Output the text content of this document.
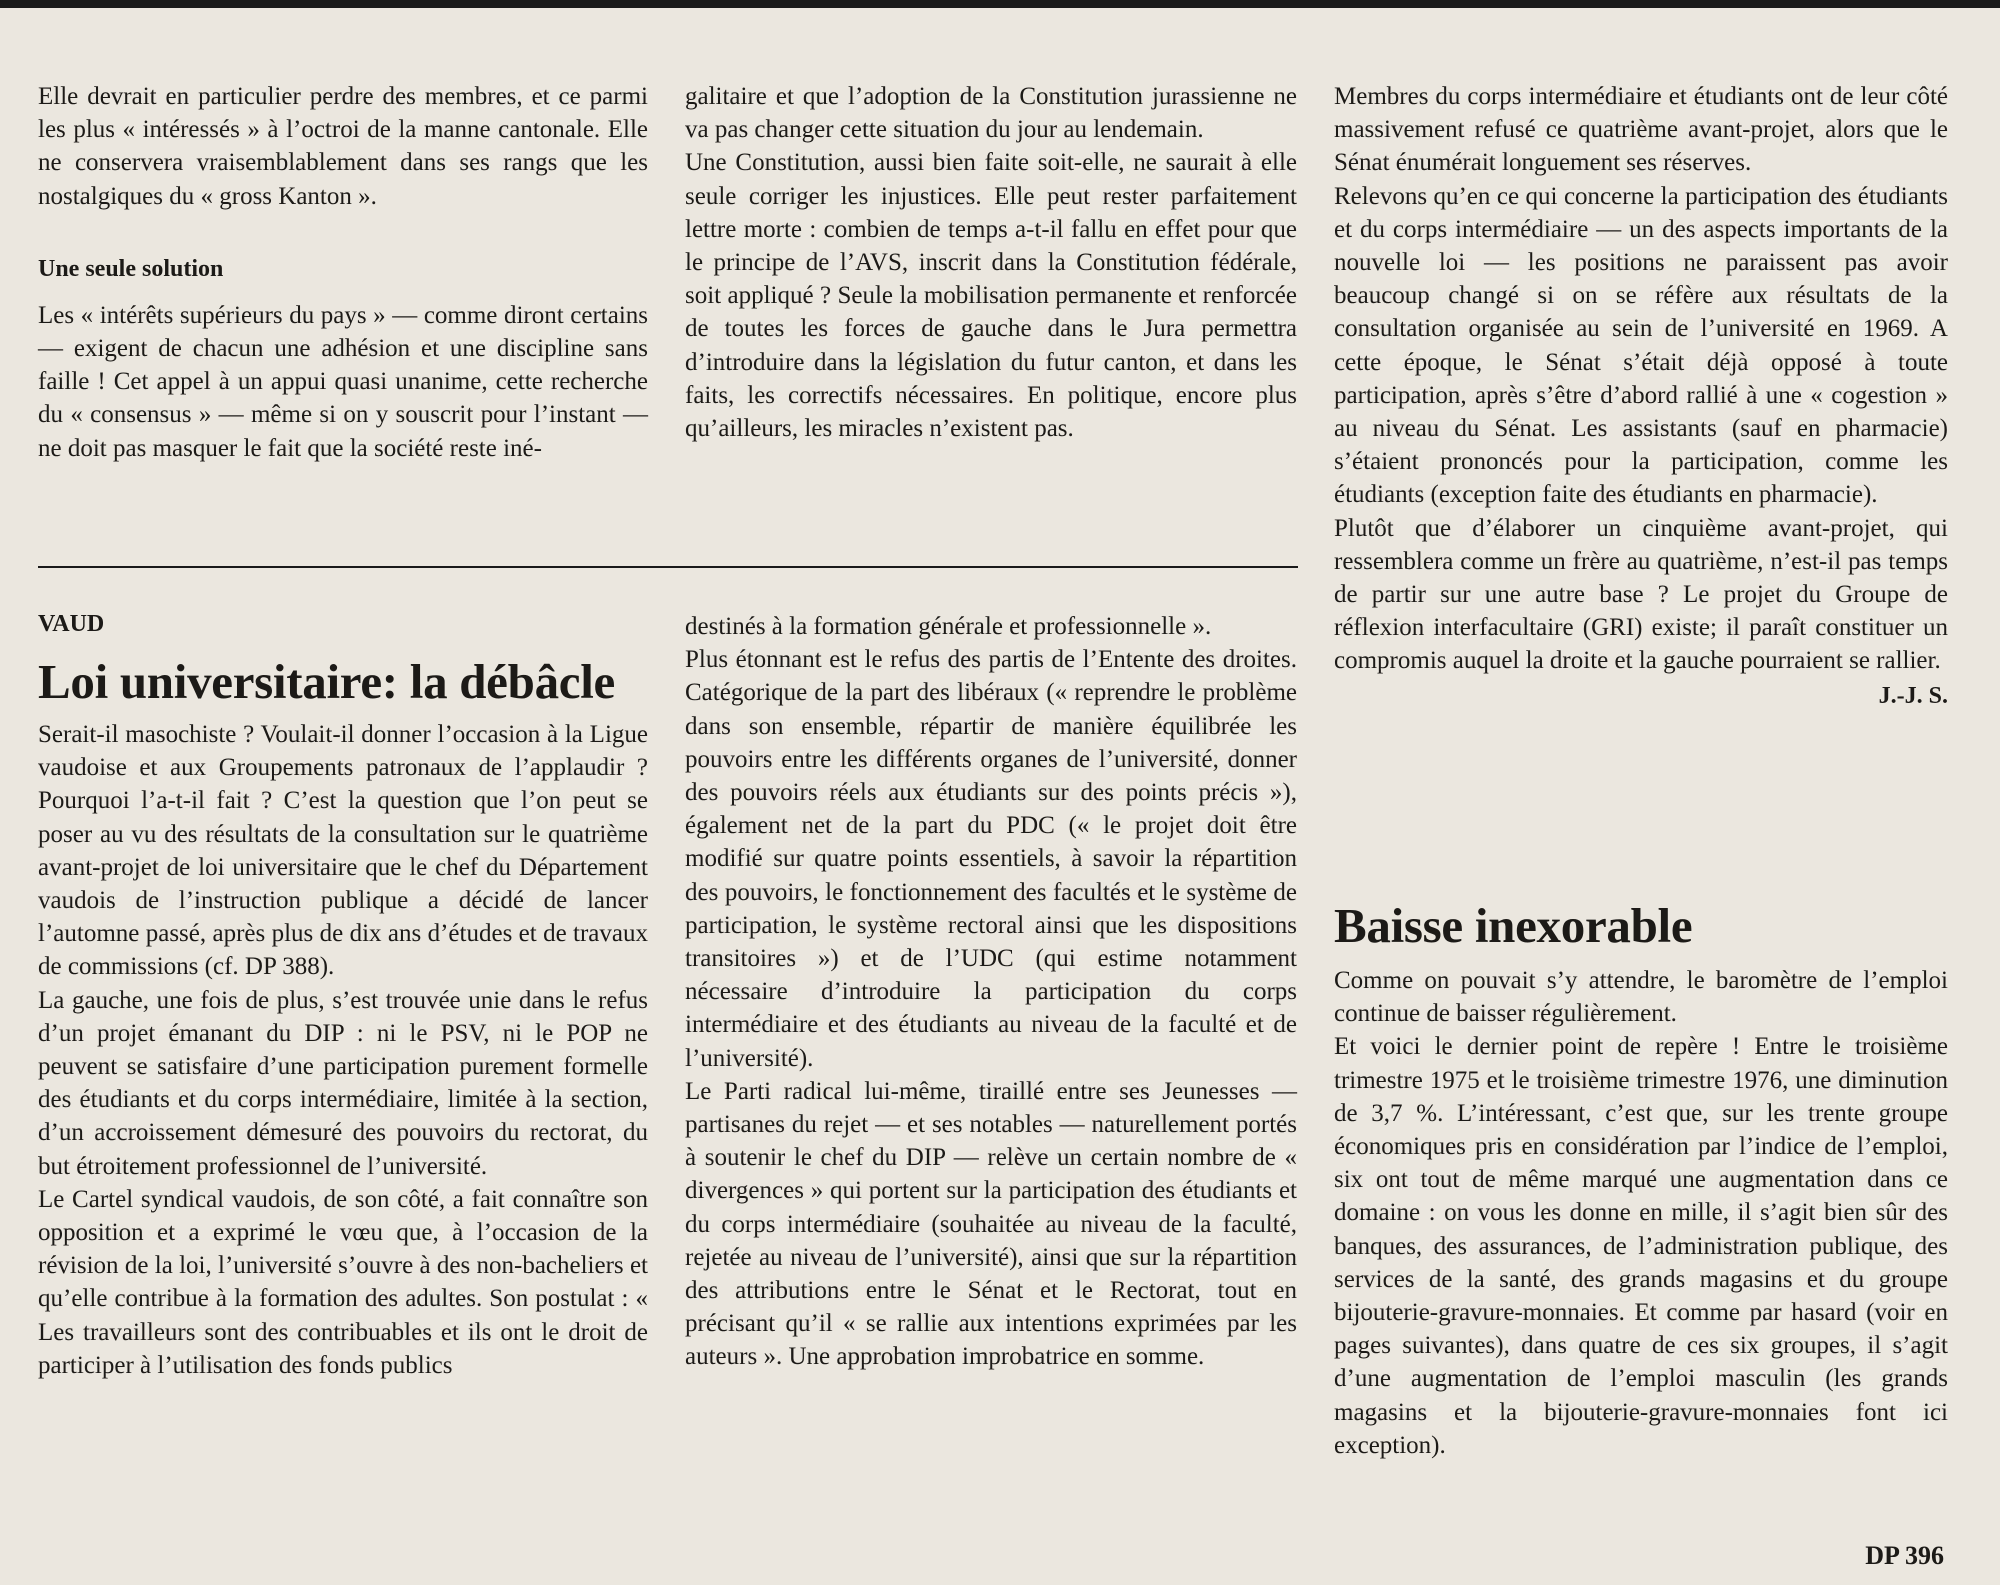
Elle devrait en particulier perdre des membres, et ce parmi les plus « intéressés » à l’octroi de la manne cantonale. Elle ne conservera vraisemblablement dans ses rangs que les nostalgiques du « gross Kanton ».

Une seule solution

Les « intérêts supérieurs du pays » — comme diront certains — exigent de chacun une adhésion et une discipline sans faille ! Cet appel à un appui quasi unanime, cette recherche du « consensus » — même si on y souscrit pour l’instant — ne doit pas masquer le fait que la société reste iné-

galitaire et que l’adoption de la Constitution jurassienne ne va pas changer cette situation du jour au lendemain.

Une Constitution, aussi bien faite soit-elle, ne saurait à elle seule corriger les injustices. Elle peut rester parfaitement lettre morte : combien de temps a-t-il fallu en effet pour que le principe de l’AVS, inscrit dans la Constitution fédérale, soit appliqué ? Seule la mobilisation permanente et renforcée de toutes les forces de gauche dans le Jura permettra d’introduire dans la législation du futur canton, et dans les faits, les correctifs nécessaires. En politique, encore plus qu’ailleurs, les miracles n’existent pas.

VAUD

Loi universitaire: la débâcle

Serait-il masochiste ? Voulait-il donner l’occasion à la Ligue vaudoise et aux Groupements patronaux de l’applaudir ? Pourquoi l’a-t-il fait ? C’est la question que l’on peut se poser au vu des résultats de la consultation sur le quatrième avant-projet de loi universitaire que le chef du Département vaudois de l’instruction publique a décidé de lancer l’automne passé, après plus de dix ans d’études et de travaux de commissions (cf. DP 388).

La gauche, une fois de plus, s’est trouvée unie dans le refus d’un projet émanant du DIP : ni le PSV, ni le POP ne peuvent se satisfaire d’une participation purement formelle des étudiants et du corps intermédiaire, limitée à la section, d’un accroissement démesuré des pouvoirs du rectorat, du but étroitement professionnel de l’université.

Le Cartel syndical vaudois, de son côté, a fait connaître son opposition et a exprimé le vœu que, à l’occasion de la révision de la loi, l’université s’ouvre à des non-bacheliers et qu’elle contribue à la formation des adultes. Son postulat : « Les travailleurs sont des contribuables et ils ont le droit de participer à l’utilisation des fonds publics

destinés à la formation générale et professionnelle ».

Plus étonnant est le refus des partis de l’Entente des droites. Catégorique de la part des libéraux (« reprendre le problème dans son ensemble, répartir de manière équilibrée les pouvoirs entre les différents organes de l’université, donner des pouvoirs réels aux étudiants sur des points précis »), également net de la part du PDC (« le projet doit être modifié sur quatre points essentiels, à savoir la répartition des pouvoirs, le fonctionnement des facultés et le système de participation, le système rectoral ainsi que les dispositions transitoires ») et de l’UDC (qui estime notamment nécessaire d’introduire la participation du corps intermédiaire et des étudiants au niveau de la faculté et de l’université).

Le Parti radical lui-même, tiraillé entre ses Jeunesses — partisanes du rejet — et ses notables — naturellement portés à soutenir le chef du DIP — relève un certain nombre de « divergences » qui portent sur la participation des étudiants et du corps intermédiaire (souhaitée au niveau de la faculté, rejetée au niveau de l’université), ainsi que sur la répartition des attributions entre le Sénat et le Rectorat, tout en précisant qu’il « se rallie aux intentions exprimées par les auteurs ». Une approbation improbatrice en somme.

Membres du corps intermédiaire et étudiants ont de leur côté massivement refusé ce quatrième avant-projet, alors que le Sénat énumérait longuement ses réserves.

Relevons qu’en ce qui concerne la participation des étudiants et du corps intermédiaire — un des aspects importants de la nouvelle loi — les positions ne paraissent pas avoir beaucoup changé si on se réfère aux résultats de la consultation organisée au sein de l’université en 1969. A cette époque, le Sénat s’était déjà opposé à toute participation, après s’être d’abord rallié à une « cogestion » au niveau du Sénat. Les assistants (sauf en pharmacie) s’étaient prononcés pour la participation, comme les étudiants (exception faite des étudiants en pharmacie).

Plutôt que d’élaborer un cinquième avant-projet, qui ressemblera comme un frère au quatrième, n’est-il pas temps de partir sur une autre base ? Le projet du Groupe de réflexion interfacultaire (GRI) existe; il paraît constituer un compromis auquel la droite et la gauche pourraient se rallier.

J.-J. S.

Baisse inexorable

Comme on pouvait s’y attendre, le baromètre de l’emploi continue de baisser régulièrement.

Et voici le dernier point de repère ! Entre le troisième trimestre 1975 et le troisième trimestre 1976, une diminution de 3,7 %. L’intéressant, c’est que, sur les trente groupe économiques pris en considération par l’indice de l’emploi, six ont tout de même marqué une augmentation dans ce domaine : on vous les donne en mille, il s’agit bien sûr des banques, des assurances, de l’administration publique, des services de la santé, des grands magasins et du groupe bijouterie-gravure-monnaies. Et comme par hasard (voir en pages suivantes), dans quatre de ces six groupes, il s’agit d’une augmentation de l’emploi masculin (les grands magasins et la bijouterie-gravure-monnaies font ici exception).

DP 396
